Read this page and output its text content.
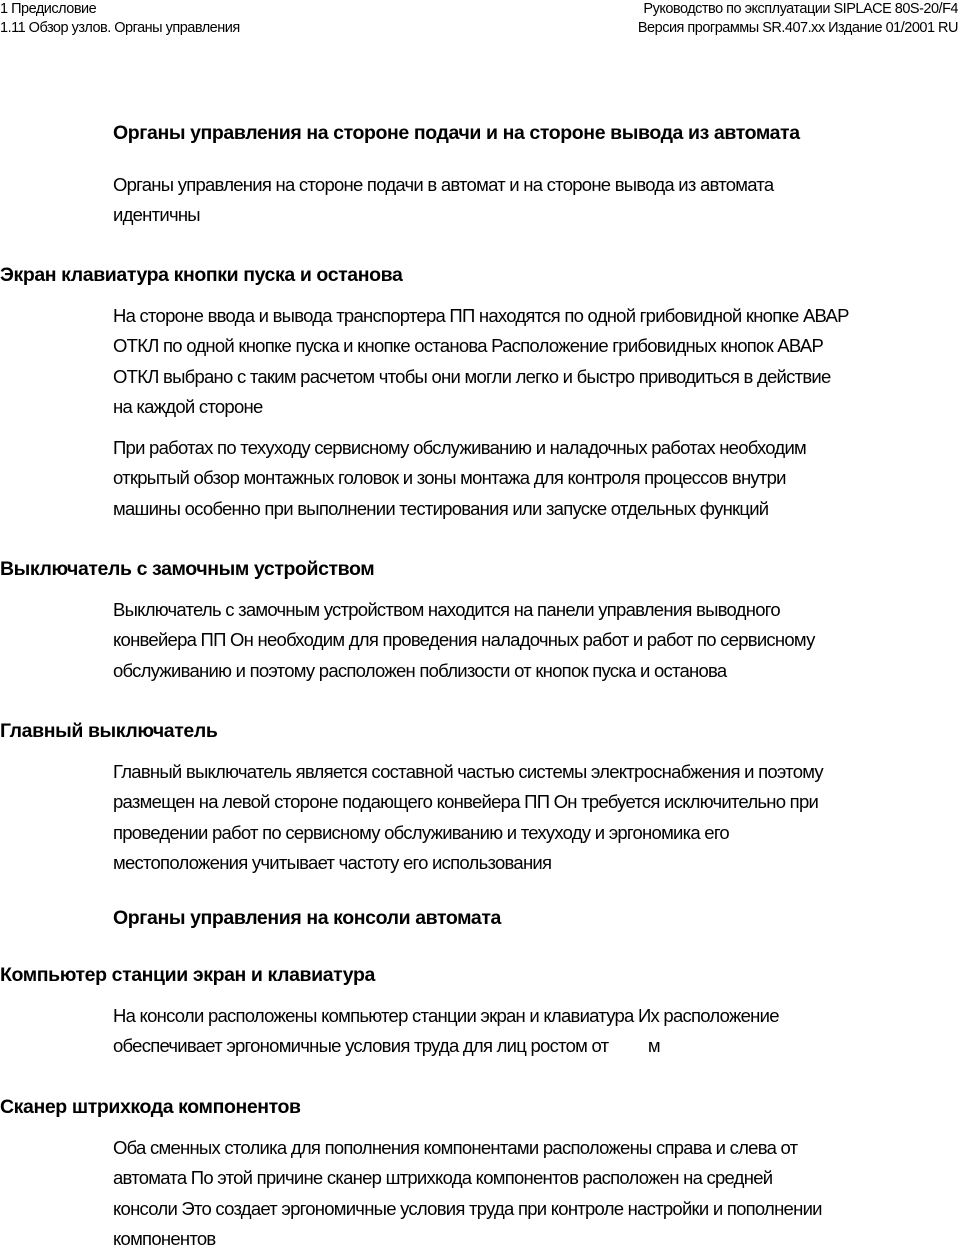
1 Предисловие
1.11 Обзор узлов. Органы управления
Руководство по эксплуатации SIPLACE 80S-20/F4
Версия программы SR.407.xx Издание 01/2001 RU
Органы управления на стороне подачи и на стороне вывода из автомата
Органы управления на стороне подачи в автомат и на стороне вывода из автомата
идентичны
Экран клавиатура кнопки пуска и останова
На стороне ввода и вывода транспортера ПП находятся по одной грибовидной кнопке АВАР
ОТКЛ по одной кнопке пуска и кнопке останова Расположение грибовидных кнопок АВАР
ОТКЛ выбрано с таким расчетом чтобы они могли легко и быстро приводиться в действие
на каждой стороне
При работах по техуходу сервисному обслуживанию и наладочных работах необходим
открытый обзор монтажных головок и зоны монтажа для контроля процессов внутри
машины особенно при выполнении тестирования или запуске отдельных функций
Выключатель с замочным устройством
Выключатель с замочным устройством находится на панели управления выводного
конвейера ПП Он необходим для проведения наладочных работ и работ по сервисному
обслуживанию и поэтому расположен поблизости от кнопок пуска и останова
Главный выключатель
Главный выключатель является составной частью системы электроснабжения и поэтому
размещен на левой стороне подающего конвейера ПП Он требуется исключительно при
проведении работ по сервисному обслуживанию и техуходу и эргономика его
местоположения учитывает частоту его использования
Органы управления на консоли автомата
Компьютер станции экран и клавиатура
На консоли расположены компьютер станции экран и клавиатура Их расположение
обеспечивает эргономичные условия труда для лиц ростом от         м
Сканер штрихкода компонентов
Оба сменных столика для пополнения компонентами расположены справа и слева от
автомата По этой причине сканер штрихкода компонентов расположен на средней
консоли Это создает эргономичные условия труда при контроле настройки и пополнении
компонентов
